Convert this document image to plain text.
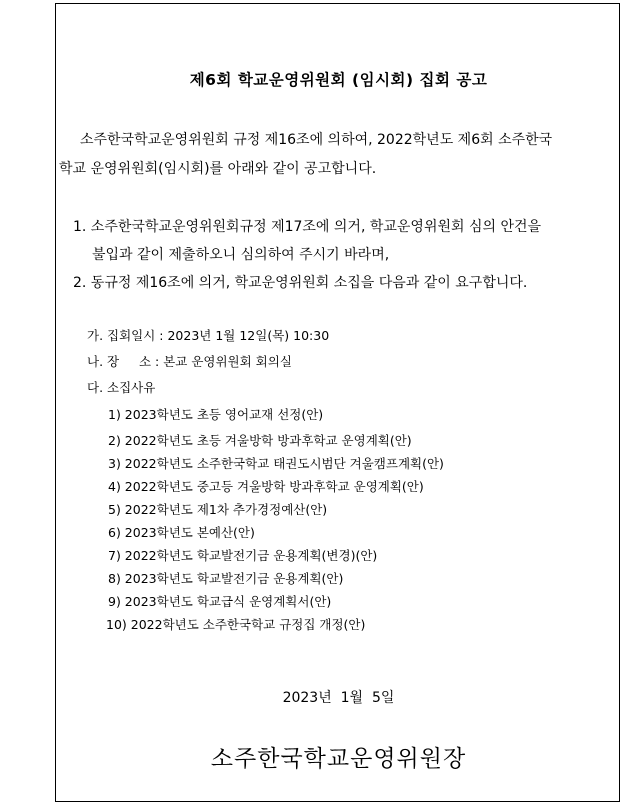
제6회 학교운영위원회 (임시회) 집회 공고
소주한국학교운영위원회 규정 제16조에 의하여, 2022학년도 제6회 소주한국
학교 운영위원회(임시회)를 아래와 같이 공고합니다.
1. 소주한국학교운영위원회규정 제17조에 의거, 학교운영위원회 심의 안건을
불입과 같이 제출하오니 심의하여 주시기 바라며,
2. 동규정 제16조에 의거, 학교운영위원회 소집을 다음과 같이 요구합니다.
가. 집회일시 : 2023년 1월 12일(목) 10:30
나. 장     소 : 본교 운영위원회 회의실
다. 소집사유
1) 2023학년도 초등 영어교재 선정(안)
2) 2022학년도 초등 겨울방학 방과후학교 운영계획(안)
3) 2022학년도 소주한국학교 태권도시범단 겨울캠프계획(안)
4) 2022학년도 중고등 겨울방학 방과후학교 운영계획(안)
5) 2022학년도 제1차 추가경정예산(안)
6) 2023학년도 본예산(안)
7) 2022학년도 학교발전기금 운용계획(변경)(안)
8) 2023학년도 학교발전기금 운용계획(안)
9) 2023학년도 학교급식 운영계획서(안)
10) 2022학년도 소주한국학교 규정집 개정(안)
2023년  1월  5일
소주한국학교운영위원장
